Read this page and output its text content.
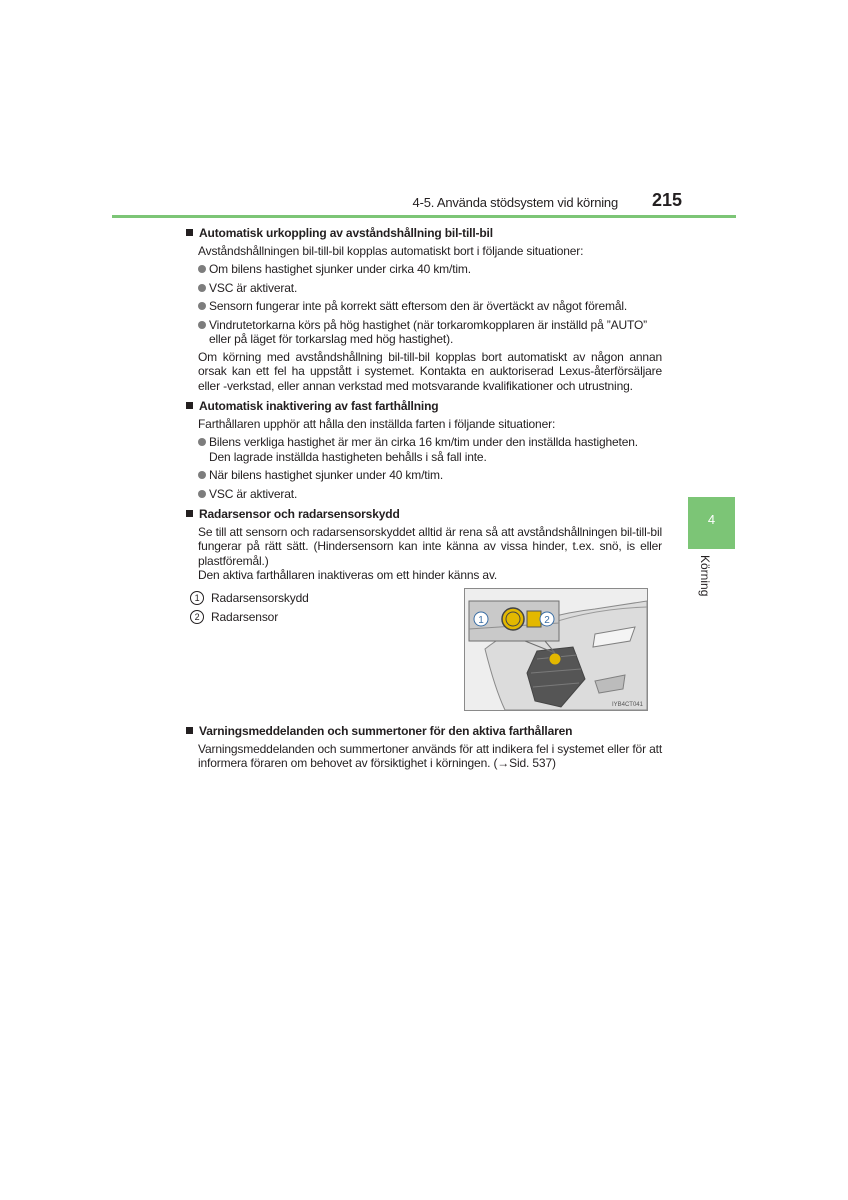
4-5. Använda stödsystem vid körning	215
4
Körning
Automatisk urkoppling av avståndshållning bil-till-bil
Avståndshållningen bil-till-bil kopplas automatiskt bort i följande situationer:
Om bilens hastighet sjunker under cirka 40 km/tim.
VSC är aktiverat.
Sensorn fungerar inte på korrekt sätt eftersom den är övertäckt av något föremål.
Vindrutetorkarna körs på hög hastighet (när torkaromkopplaren är inställd på ”AUTO” eller på läget för torkarslag med hög hastighet).
Om körning med avståndshållning bil-till-bil kopplas bort automatiskt av någon annan orsak kan ett fel ha uppstått i systemet. Kontakta en auktoriserad Lexus-återförsäljare eller -verkstad, eller annan verkstad med motsvarande kvalifikationer och utrustning.
Automatisk inaktivering av fast farthållning
Farthållaren upphör att hålla den inställda farten i följande situationer:
Bilens verkliga hastighet är mer än cirka 16 km/tim under den inställda hastigheten. Den lagrade inställda hastigheten behålls i så fall inte.
När bilens hastighet sjunker under 40 km/tim.
VSC är aktiverat.
Radarsensor och radarsensorskydd
Se till att sensorn och radarsensorskyddet alltid är rena så att avståndshållningen bil-till-bil fungerar på rätt sätt. (Hindersensorn kan inte känna av vissa hinder, t.ex. snö, is eller plastföremål.)
Den aktiva farthållaren inaktiveras om ett hinder känns av.
1 Radarsensorskydd
2 Radarsensor	1	2
IYB4CT041
Varningsmeddelanden och summertoner för den aktiva farthållaren
Varningsmeddelanden och summertoner används för att indikera fel i systemet eller för att informera föraren om behovet av försiktighet i körningen. (→Sid. 537)
